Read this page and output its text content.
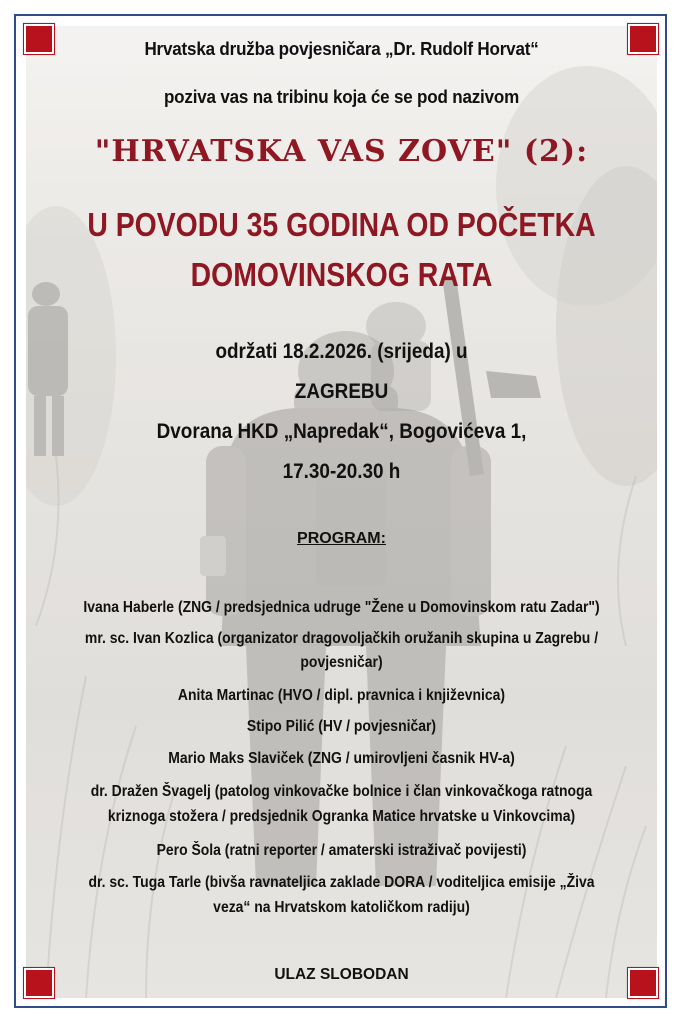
Hrvatska družba povjesničara „Dr. Rudolf Horvat“

poziva vas na tribinu koja će se pod nazivom

"HRVATSKA VAS ZOVE" (2):

U POVODU 35 GODINA OD POČETKA

DOMOVINSKOG RATA

održati 18.2.2026. (srijeda) u

ZAGREBU

Dvorana HKD „Napredak“, Bogovićeva 1,

17.30-20.30 h

PROGRAM:

Ivana Haberle (ZNG / predsjednica udruge "Žene u Domovinskom ratu Zadar")

mr. sc. Ivan Kozlica (organizator dragovoljačkih oružanih skupina u Zagrebu /

povjesničar)

Anita Martinac (HVO / dipl. pravnica i književnica)

Stipo Pilić (HV / povjesničar)

Mario Maks Slaviček (ZNG / umirovljeni časnik HV-a)

dr. Dražen Švagelj (patolog vinkovačke bolnice i član vinkovačkoga ratnoga

kriznoga stožera / predsjednik Ogranka Matice hrvatske u Vinkovcima)

Pero Šola (ratni reporter / amaterski istraživač povijesti)

dr. sc. Tuga Tarle (bivša ravnateljica zaklade DORA / voditeljica emisije „Živa

veza“ na Hrvatskom katoličkom radiju)

ULAZ SLOBODAN
